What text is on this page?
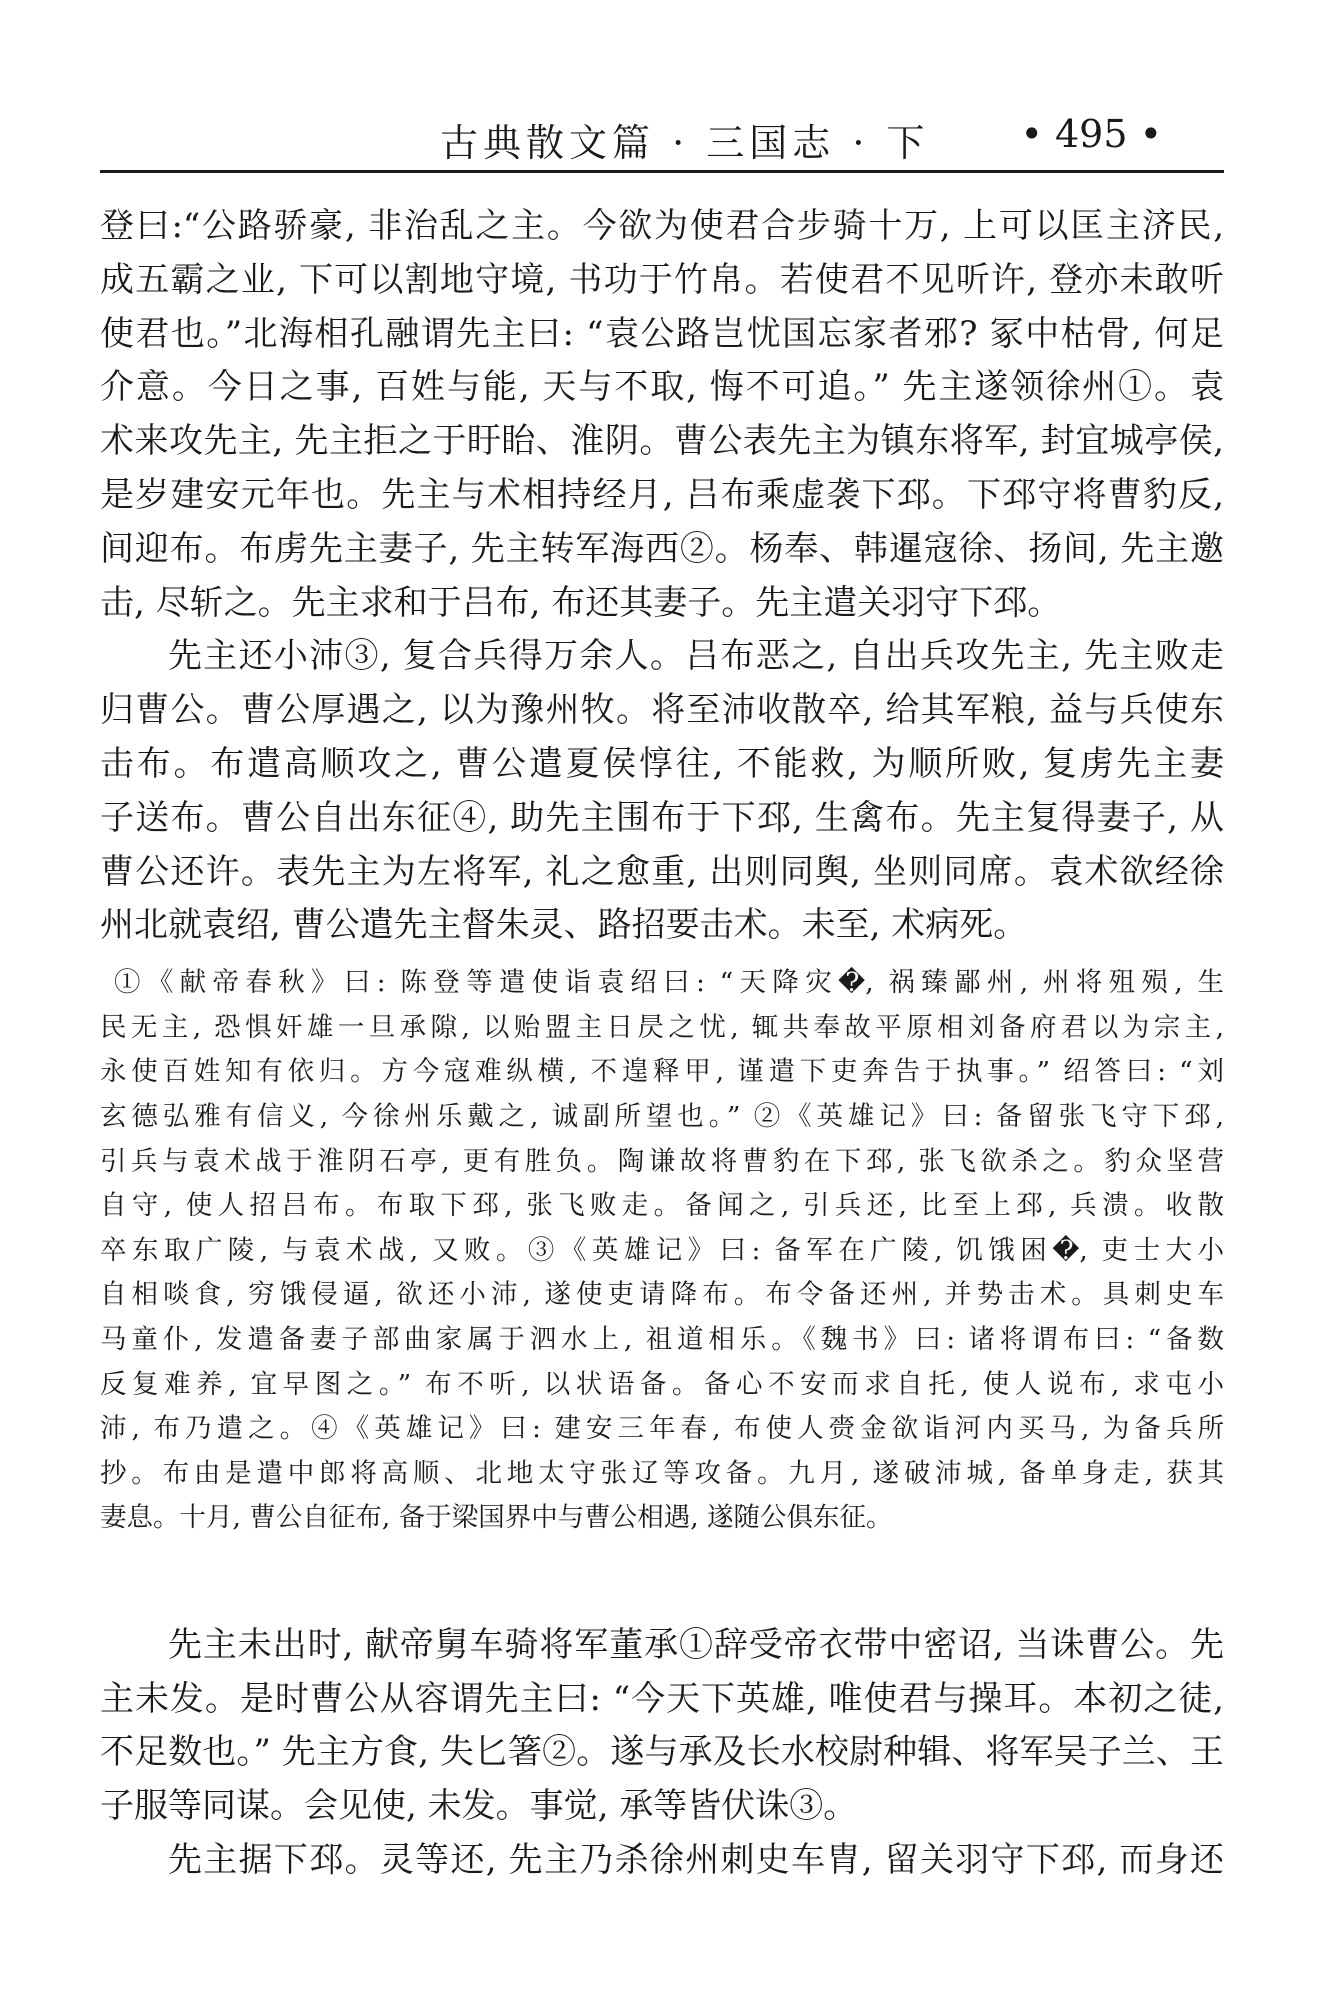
古典散文篇 · 三国志 · 下 • 495 •
登曰:“公路骄豪, 非治乱之主。今欲为使君合步骑十万, 上可以匡主济民,
成五霸之业, 下可以割地守境, 书功于竹帛。若使君不见听许, 登亦未敢听
使君也。”北海相孔融谓先主曰: “袁公路岂忧国忘家者邪? 冢中枯骨, 何足
介意。今日之事, 百姓与能, 天与不取, 悔不可追。” 先主遂领徐州①。袁
术来攻先主, 先主拒之于盱眙、淮阴。曹公表先主为镇东将军, 封宜城亭侯,
是岁建安元年也。先主与术相持经月, 吕布乘虚袭下邳。下邳守将曹豹反,
间迎布。布虏先主妻子, 先主转军海西②。杨奉、韩暹寇徐、扬间, 先主邀
击, 尽斩之。先主求和于吕布, 布还其妻子。先主遣关羽守下邳。
先主还小沛③, 复合兵得万余人。吕布恶之, 自出兵攻先主, 先主败走
归曹公。曹公厚遇之, 以为豫州牧。将至沛收散卒, 给其军粮, 益与兵使东
击布。布遣高顺攻之, 曹公遣夏侯惇往, 不能救, 为顺所败, 复虏先主妻
子送布。曹公自出东征④, 助先主围布于下邳, 生禽布。先主复得妻子, 从
曹公还许。表先主为左将军, 礼之愈重, 出则同舆, 坐则同席。袁术欲经徐
州北就袁绍, 曹公遣先主督朱灵、路招要击术。未至, 术病死。
①《献帝春秋》曰: 陈登等遣使诣袁绍曰: “天降灾�, 祸臻鄙州, 州将殂殒, 生
民无主, 恐惧奸雄一旦承隙, 以贻盟主日昃之忧, 辄共奉故平原相刘备府君以为宗主,
永使百姓知有依归。方今寇难纵横, 不遑释甲, 谨遣下吏奔告于执事。” 绍答曰: “刘
玄德弘雅有信义, 今徐州乐戴之, 诚副所望也。” ②《英雄记》曰: 备留张飞守下邳,
引兵与袁术战于淮阴石亭, 更有胜负。陶谦故将曹豹在下邳, 张飞欲杀之。豹众坚营
自守, 使人招吕布。布取下邳, 张飞败走。备闻之, 引兵还, 比至上邳, 兵溃。收散
卒东取广陵, 与袁术战, 又败。③《英雄记》曰: 备军在广陵, 饥饿困�, 吏士大小
自相啖食, 穷饿侵逼, 欲还小沛, 遂使吏请降布。布令备还州, 并势击术。具刺史车
马童仆, 发遣备妻子部曲家属于泗水上, 祖道相乐。《魏书》曰: 诸将谓布曰: “备数
反复难养, 宜早图之。” 布不听, 以状语备。备心不安而求自托, 使人说布, 求屯小
沛, 布乃遣之。④《英雄记》曰: 建安三年春, 布使人赍金欲诣河内买马, 为备兵所
抄。布由是遣中郎将高顺、北地太守张辽等攻备。九月, 遂破沛城, 备单身走, 获其
妻息。十月, 曹公自征布, 备于梁国界中与曹公相遇, 遂随公俱东征。
先主未出时, 献帝舅车骑将军董承①辞受帝衣带中密诏, 当诛曹公。先
主未发。是时曹公从容谓先主曰: “今天下英雄, 唯使君与操耳。本初之徒,
不足数也。” 先主方食, 失匕箸②。遂与承及长水校尉种辑、将军吴子兰、王
子服等同谋。会见使, 未发。事觉, 承等皆伏诛③。
先主据下邳。灵等还, 先主乃杀徐州刺史车胄, 留关羽守下邳, 而身还
